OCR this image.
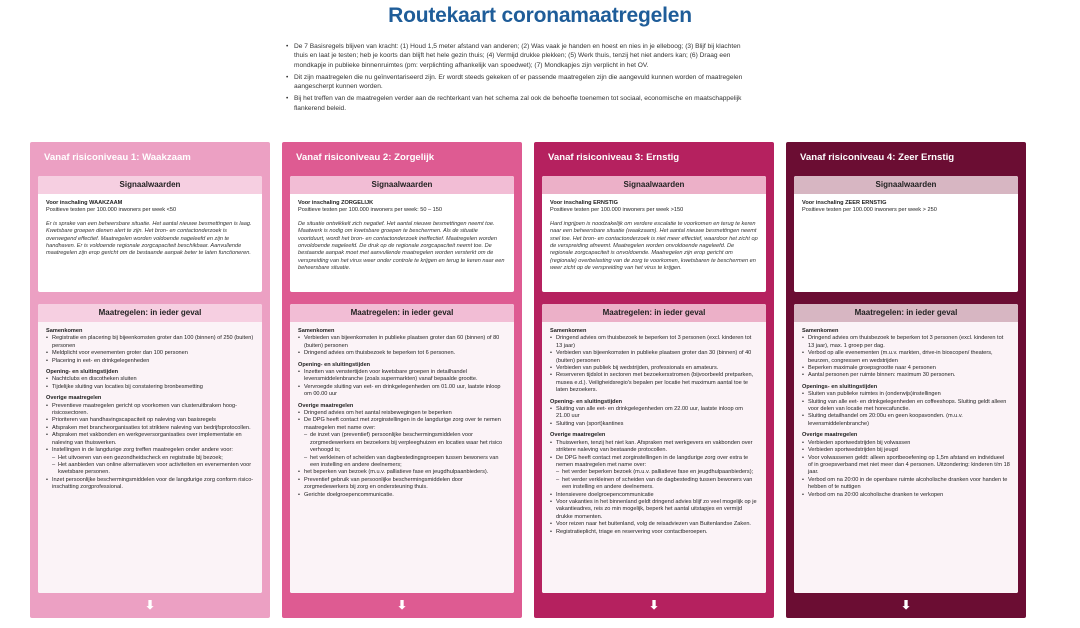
Routekaart coronamaatregelen
• De 7 Basisregels blijven van kracht: (1) Houd 1,5 meter afstand van anderen; (2) Was vaak je handen en hoest en nies in je elleboog; (3) Blijf bij klachten thuis en laat je testen; heb je koorts dan blijft het hele gezin thuis; (4) Vermijd drukke plekken; (5) Werk thuis, tenzij het niet anders kan; (6) Draag een mondkapje in publieke binnenruimtes (pm: verplichting afhankelijk van spoedwet); (7) Mondkapjes zijn verplicht in het OV.
• Dit zijn maatregelen die nu geïnventariseerd zijn. Er wordt steeds gekeken of er passende maatregelen zijn die aangevuld kunnen worden of maatregelen aangescherpt kunnen worden.
• Bij het treffen van de maatregelen verder aan de rechterkant van het schema zal ook de behoefte toenemen tot sociaal, economische en maatschappelijk flankerend beleid.
Vanaf risiconiveau 1: Waakzaam
Signaalwaarden
Voor inschaling WAAKZAAM
Positieve testen per 100.000 inwoners per week <50
Er is sprake van een beheersbare situatie. Het aantal nieuwe besmettingen is laag. Kwetsbare groepen dienen alert te zijn. Het bron- en contactonderzoek is overwegend effectief. Maatregelen worden voldoende nageleefd en zijn te handhaven. Er is voldoende regionale zorgcapaciteit beschikbaar. Aanvullende maatregelen zijn erop gericht om de bestaande aanpak beter te laten functioneren.
Maatregelen: in ieder geval
Samenkomen
• Registratie en placering bij bijeenkomsten groter dan 100 (binnen) of 250 (buiten) personen
• Meldplicht voor evenementen groter dan 100 personen
• Placering in eet- en drinkgelegenheden
Opening- en sluitingstijden
• Nachtclubs en discotheken sluiten
• Tijdelijke sluiting van locaties bij constatering bronbesmetting
Overige maatregelen
• Preventieve maatregelen gericht op voorkomen van clusteruitbraken hoog-risicosectoren.
• Prioriteren van handhavingscapaciteit op naleving van basisregels
• Afspraken met brancheorganisaties tot striktere naleving van bedrijfsprotocollen.
• Afspraken met vakbonden en werkgeversorganisaties over implementatie en naleving van thuiswerken.
• Instellingen in de langdurige zorg treffen maatregelen onder andere voor:
– Het uitvoeren van een gezondheidscheck en registratie bij bezoek;
– Het aanbieden van online alternatieven voor activiteiten en evenementen voor kwetsbare personen.
• Inzet persoonlijke beschermingsmiddelen voor de langdurige zorg conform risico-inschatting zorgprofessional.
⬇
Vanaf risiconiveau 2: Zorgelijk
Signaalwaarden
Voor inschaling ZORGELIJK
Positieve testen per 100.000 inwoners per week: 50 – 150
De situatie ontwikkelt zich negatief. Het aantal nieuwe besmettingen neemt toe. Maatwerk is nodig om kwetsbare groepen te beschermen. Als de situatie voortduurt, wordt het bron- en contactonderzoek ineffectief. Maatregelen worden onvoldoende nageleefd. De druk op de regionale zorgcapaciteit neemt toe. De bestaande aanpak moet met aanvullende maatregelen worden versterkt om de verspreiding van het virus weer onder controle te krijgen en terug te keren naar een beheersbare situatie.
Maatregelen: in ieder geval
Samenkomen
• Verbieden van bijeenkomsten in publieke plaatsen groter dan 60 (binnen) of 80 (buiten) personen
• Dringend advies om thuisbezoek te beperken tot 6 personen.
Opening- en sluitingstijden
• Inzetten van venstertijden voor kwetsbare groepen in detailhandel levensmiddelenbranche (zoals supermarkten) vanaf bepaalde grootte.
• Vervroegde sluiting van eet- en drinkgelegenheden om 01.00 uur, laatste inloop om 00.00 uur
Overige maatregelen
• Dringend advies om het aantal reisbewegingen te beperken
• De DPG heeft contact met zorginstellingen in de langdurige zorg over te nemen maatregelen met name over:
– de inzet van (preventief) persoonlijke beschermingsmiddelen voor zorgmedewerkers en bezoekers bij verpleeghuizen en locaties waar het risico verhoogd is;
– het verkleinen of scheiden van dagbestedingsgroepen tussen bewoners van een instelling en andere deelnemers;
• het beperken van bezoek (m.u.v. palliatieve fase en jeugdhulpaanbieders).
• Preventief gebruik van persoonlijke beschermingsmiddelen door zorgmedewerkers bij zorg en ondersteuning thuis.
• Gerichte doelgroepencommunicatie.
⬇
Vanaf risiconiveau 3: Ernstig
Signaalwaarden
Voor inschaling ERNSTIG
Positieve testen per 100.000 inwoners per week >150
Hard ingrijpen is noodzakelijk om verdere escalatie te voorkomen en terug te keren naar een beheersbare situatie (waakzaam). Het aantal nieuwe besmettingen neemt snel toe. Het bron- en contactonderzoek is niet meer effectief, waardoor het zicht op de verspreiding afneemt. Maatregelen worden onvoldoende nageleefd. De regionale zorgcapaciteit is onvoldoende. Maatregelen zijn erop gericht om (regionale) overbelasting van de zorg te voorkomen, kwetsbaren te beschermen en weer zicht op de verspreiding van het virus te krijgen.
Maatregelen: in ieder geval
Samenkomen
• Dringend advies om thuisbezoek te beperken tot 3 personen (excl. kinderen tot 13 jaar)
• Verbieden van bijeenkomsten in publieke plaatsen groter dan 30 (binnen) of 40 (buiten) personen
• Verbieden van publiek bij wedstrijden, professionals en amateurs.
• Reserveren tijdslot in sectoren met bezoekersstromen (bijvoorbeeld pretparken, musea e.d.). Veiligheidsregio's bepalen per locatie het maximum aantal toe te laten bezoekers.
Opening- en sluitingstijden
• Sluiting van alle eet- en drinkgelegenheden om 22.00 uur, laatste inloop om 21.00 uur
• Sluiting van (sport)kantines
Overige maatregelen
• Thuiswerken, tenzij het niet kan. Afspraken met werkgevers en vakbonden over striktere naleving van bestaande protocollen.
• De DPG heeft contact met zorginstellingen in de langdurige zorg over extra te nemen maatregelen met name over:
– het verder beperken bezoek (m.u.v. palliatieve fase en jeugdhulpaanbieders);
– het verder verkleinen of scheiden van de dagbesteding tussen bewoners van een instelling en andere deelnemers.
• Intensievere doelgroepencommunicatie
• Voor vakanties in het binnenland geldt dringend advies blijf zo veel mogelijk op je vakantieadres, reis zo min mogelijk, beperk het aantal uitstapjes en vermijd drukke momenten.
• Voor reizen naar het buitenland, volg de reisadviezen van Buitenlandse Zaken.
• Registratieplicht, triage en reservering voor contactberoepen.
⬇
Vanaf risiconiveau 4: Zeer Ernstig
Signaalwaarden
Voor inschaling ZEER ERNSTIG
Positieve testen per 100.000 inwoners per week > 250
Maatregelen: in ieder geval
Samenkomen
• Dringend advies om thuisbezoek te beperken tot 3 personen (excl. kinderen tot 13 jaar), max. 1 groep per dag.
• Verbod op alle evenementen (m.u.v. markten, drive-in bioscopen/ theaters, beurzen, congressen en wedstrijden
• Beperken maximale groepsgrootte naar 4 personen
• Aantal personen per ruimte binnen: maximum 30 personen.
Openings- en sluitingstijden
• Sluiten van publieke ruimtes in (onderwijs)instellingen
• Sluiting van alle eet- en drinkgelegenheden en coffeeshops. Sluiting geldt alleen voor delen van locatie met horecafunctie.
• Sluiting detailhandel om 20:00u en geen koopavonden. (m.u.v. levensmiddelenbranche)
Overige maatregelen
• Verbieden sportwedstrijden bij volwassen
• Verbieden sportwedstrijden bij jeugd
• Voor volwassenen geldt: alleen sportbeoefening op 1,5m afstand en individueel of in groepsverband met niet meer dan 4 personen. Uitzondering: kinderen t/m 18 jaar.
• Verbod om na 20:00 in de openbare ruimte alcoholische dranken voor handen te hebben of te nuttigen
• Verbod om na 20:00 alcoholische dranken te verkopen
⬇
